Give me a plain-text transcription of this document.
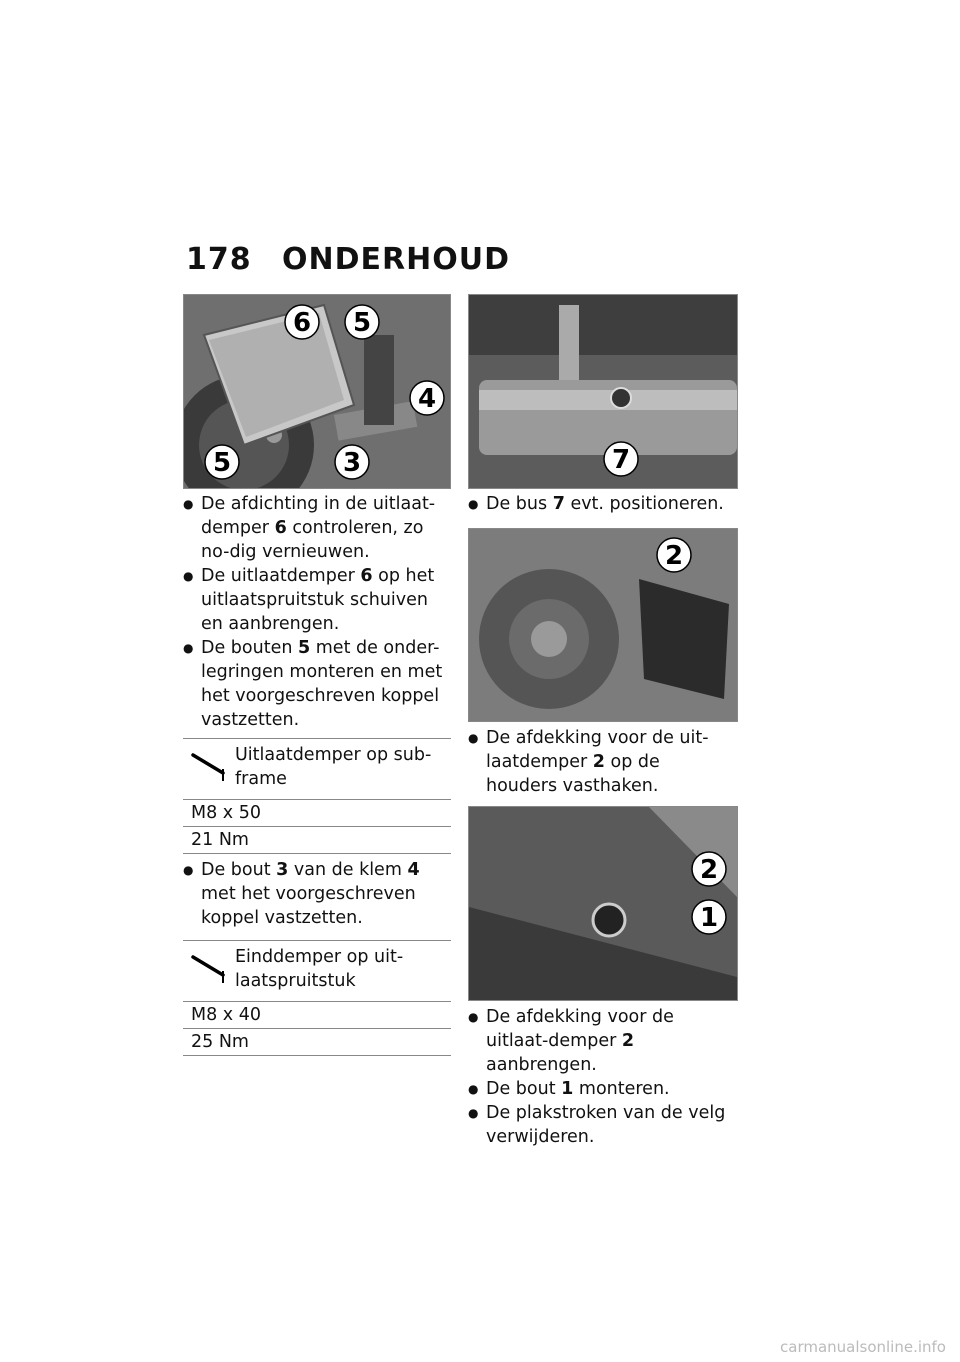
178 ONDERHOUD
6 5
4
5	3	7
2
2
1

● De afdichting in de uitlaat-demper 6 controleren, zo no-dig vernieuwen.

● De uitlaatdemper 6 op het uitlaatspruitstuk schuiven en aanbrengen.

● De bouten 5 met de onder-legringen monteren en met het voorgeschreven koppel vastzetten.

Uitlaatdemper op sub-frame
M8 x 50
21 Nm

● De bout 3 van de klem 4 met het voorgeschreven koppel vastzetten.

Einddemper op uit-laatspruitstuk
M8 x 40
25 Nm

● De bus 7 evt. positioneren.

● De afdekking voor de uit-laatdemper 2 op de houders vasthaken.

● De afdekking voor de uitlaat-demper 2 aanbrengen.

● De bout 1 monteren.

● De plakstroken van de velg verwijderen.

carmanualsonline.info
